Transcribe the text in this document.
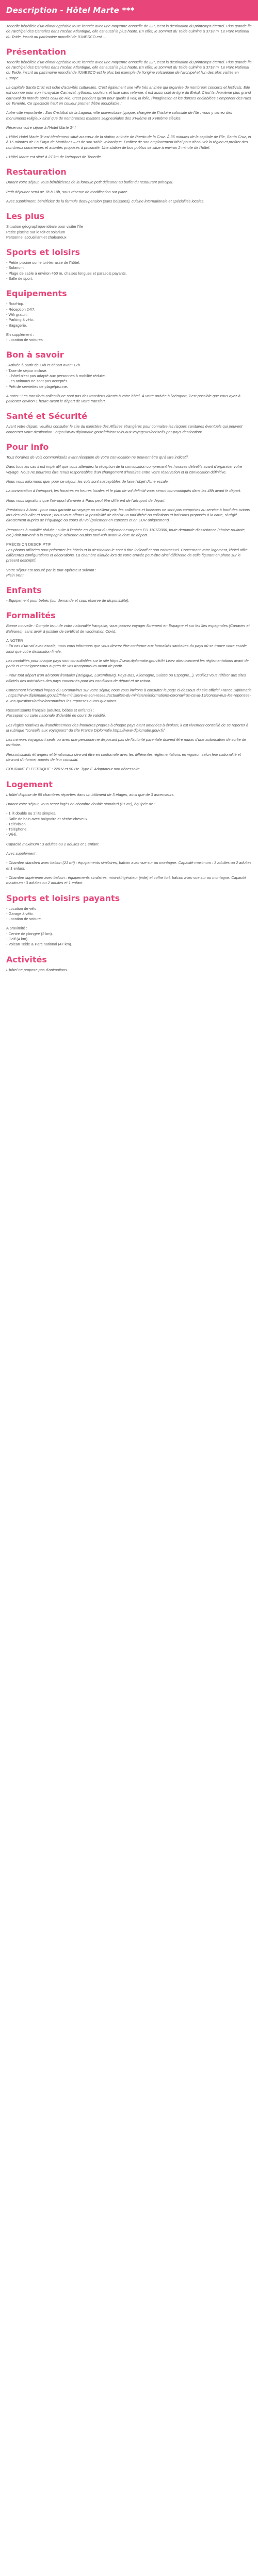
Description - Hôtel Marte ***

Tenerife bénéficie d'un climat agréable toute l'année avec une moyenne annuelle de 22°, c'est la destination du printemps éternel. Plus grande île de l'archipel des Canaries dans l'océan Atlantique, elle est aussi la plus haute. En effet, le sommet du Teide culmine à 3718 m. Le Parc National du Teide, inscrit au patrimoine mondial de l'UNESCO est ...

Présentation

Tenerife bénéficie d'un climat agréable toute l'année avec une moyenne annuelle de 22°, c'est la destination du printemps éternel. Plus grande île de l'archipel des Canaries dans l'océan Atlantique, elle est aussi la plus haute. En effet, le sommet du Teide culmine à 3718 m. Le Parc National du Teide, inscrit au patrimoine mondial de l'UNESCO est le plus bel exemple de l'origine volcanique de l'archipel et l'un des plus visités en Europe.

La capitale Santa Cruz est riche d'activités culturelles. C'est également une ville très animée qui organise de nombreux concerts et festivals. Elle est connue pour son incroyable Carnaval: rythmes, couleurs et luxe sans retenue, il est aussi coté le tigre du Brésil. C'est la deuxième plus grand carnaval du monde après celui de Rio. C'est pendant qu'un pour quelle à voir, la folie, l'imagination et les danses endiablées s'emparent des rues de Tenerife. Ce spectacle haut en couleur promet d'être inoubliable !

Autre ville importante : San Cristóbal de la Laguna, ville universitaire typique, chargée de l'histoire coloniale de l'île ; vous y verrez des monuments religieux ainsi que de nombreuses maisons seigneuriales des XVIIème et XVIIIème siècles.

Réservez votre séjour à l'Hotel Marte 3* !

L'Hôtel Hotel Marte 3* est idéalement situé au cœur de la station animée de Puerto de la Cruz. À 35 minutes de la capitale de l'île, Santa Cruz, et à 15 minutes de La Playa de Martiánez – et de son sable volcanique. Profitez de son emplacement idéal pour découvrir la région et profiter des nombreux commerces et activités proposés à proximité. Une station de bus publics se situe à environ 2 minute de l'hôtel.

L'Hôtel Marte est situé à 27 km de l'aéroport de Tenerife.

Restauration

Durant votre séjour, vous bénéficierez de la formule petit déjeuner au buffet du restaurant principal.

Petit déjeuner servi de 7h à 10h, sous réserve de modification sur place.

Avec supplément, bénéficiez de la formule demi-pension (sans boissons), cuisine internationale et spécialités locales.

Les plus

Situation géographique idéale pour visiter l'île

Petite piscine sur le toit et solarium

Personnel accueillant et chaleureux

Sports et loisirs

- Petite piscine sur le toit-terrasse de l'hôtel.

- Solarium.

- Plage de sable à environ 450 m, chaises longues et parasols payants.

- Salle de sport.

Equipements

- Roof-top.

- Réception 24/7.

- Wifi gratuit.

- Parking à vélo.

- Bagagerie.

En supplément :

- Location de voitures.

Bon à savoir

- Arrivée à partir de 14h et départ avant 12h.

- Taxe de séjour incluse.

- L'hôtel n'est pas adapté aux personnes à mobilité réduite.

- Les animaux ne sont pas acceptés.

- Prêt de serviettes de plage/piscine.

A noter : Les transferts collectifs ne sont pas des transferts directs à votre hôtel. À votre arrivée à l'aéroport, il est possible que vous ayez à patienter environ 1 heure avant le départ de votre transfert.

Santé et Sécurité

Avant votre départ, veuillez consulter le site du ministère des Affaires étrangères pour connaître les risques sanitaires éventuels qui peuvent concerner votre destination : https://www.diplomatie.gouv.fr/fr/conseils-aux-voyageurs/conseils-par-pays-destination/

Pour info

Tous horaires de vols communiqués avant réception de votre convocation ne peuvent être qu'à titre indicatif.

Dans tous les cas il est impératif que vous attendiez la réception de la convocation comprenant les horaires définitifs avant d'organiser votre voyage. Nous ne pourrons être tenus responsables d'un changement d'horaires entre votre réservation et la convocation définitive.

Nous vous informons que, pour ce séjour, les vols sont susceptibles de faire l'objet d'une escale.

La convocation à l'aéroport, les horaires en heures locales et le plan de vol définitif vous seront communiqués dans les 48h avant le départ.

Nous vous signalons que l'aéroport d'arrivée à Paris peut être différent de l'aéroport de départ.

Prestations à bord : pour vous garantir un voyage au meilleur prix, les collations et boissons ne sont pas comprises au service à bord des avions lors des vols aller et retour ; nous vous offrons la possibilité de choisir un tarif libéré ou collations et boissons proposés à la carte, si réglé directement auprès de l'équipage ou cours du vol (paiement en espèces et en EUR uniquement).

Personnes à mobilité réduite : suite à l'entrée en vigueur du règlement européen EU 1107/2006, toute demande d'assistance (chaise roulante, etc.) doit parvenir à la compagnie aérienne au plus tard 48h avant la date de départ.

PRÉCISION DESCRIPTIF

Les photos utilisées pour présenter les hôtels et la destination le sont à titre indicatif et non contractuel. Concernant votre logement, l'hôtel offre différentes configurations et décorations. La chambre allouée lors de votre arrivée peut-être ainsi différente de celle figurant en photo sur le présent descriptif.

Votre séjour est assuré par le tour-opérateur suivant :

Plein Vent

Enfants

- Equipement pour bébés (sur demande et sous réserve de disponibilité).

Formalités

Bonne nouvelle : Compte tenu de votre nationalité française, vous pouvez voyager librement en Espagne et sur les îles espagnoles (Canaries et Baléares), sans avoir à justifier de certificat de vaccination Covid.

A NOTER

- En cas d'un vol avec escale, nous vous informons que vous devrez être conforme aux formalités sanitaires du pays où se trouve votre escale ainsi que votre destination finale.

Les modalités pour chaque pays sont consultables sur le site https://www.diplomatie.gouv.fr/fr/ Lisez attentivement les réglementations avant de partir et renseignez-vous auprès de vos transporteurs avant de partir.

- Pour tout départ d'un aéroport frontalier (Belgique, Luxembourg, Pays-Bas, Allemagne, Suisse ou Espagne...), veuillez vous référer aux sites officiels des ministères des pays concernés pour les conditions de départ et de retour.

Concernant l'éventuel impact du Coronavirus sur votre séjour, nous vous invitons à consulter la page ci-dessous du site officiel France Diplomatie : https://www.diplomatie.gouv.fr/fr/le-ministere-et-son-reseau/actualites-du-ministere/informations-coronavirus-covid-19/coronavirus-les-reponses-a-vos-questions/article/coronavirus-les-reponses-a-vos-questions

Ressortissants français (adultes, bébés et enfants) :

Passeport ou carte nationale d'identité en cours de validité.

Les règles relatives au franchissement des frontières propres à chaque pays étant amenées à évoluer, il est vivement conseillé de se reporter à la rubrique "conseils aux voyageurs" du site France Diplomatie.https://www.diplomatie.gouv.fr/

Les mineurs voyageant seuls ou avec une personne ne disposant pas de l'autorité parentale doivent être munis d'une autorisation de sortie de territoire.

Ressortissants étrangers et binationaux devront être en conformité avec les différentes réglementations en vigueur, selon leur nationalité et devront s'informer auprès de leur consulat.

COURANT ÉLECTRIQUE : 220 V et 50 Hz. Type F. Adaptateur non nécessaire.

Logement

L'hôtel dispose de 95 chambres réparties dans un bâtiment de 3 étages, ainsi que de 3 ascenseurs.

Durant votre séjour, vous serez logés en chambre double standard (21 m²), équipée de :

- 1 lit double ou 2 lits simples.

- Salle de bain avec baignoire et sèche-cheveux.

- Télévision.

- Téléphone.

- Wi-fi.

Capacité maximum : 3 adultes ou 2 adultes et 1 enfant.

Avec supplément :

- Chambre standard avec balcon (21 m²) : équipements similaires, balcon avec vue sur ou montagne. Capacité maximum : 3 adultes ou 2 adultes et 1 enfant.

- Chambre supérieure avec balcon : équipements similaires, mini-réfrigérateur (vide) et coffre fort, balcon avec vue sur ou montagne. Capacité maximum : 3 adultes ou 2 adultes et 1 enfant.

Sports et loisirs payants

- Location de vélo.

- Garage à vélo.

- Location de voiture.

A proximité :

- Centre de plongée (2 km).

- Golf (4 km).

- Volcan Teide & Parc national (47 km).

Activités

L'hôtel ne propose pas d'animations.
